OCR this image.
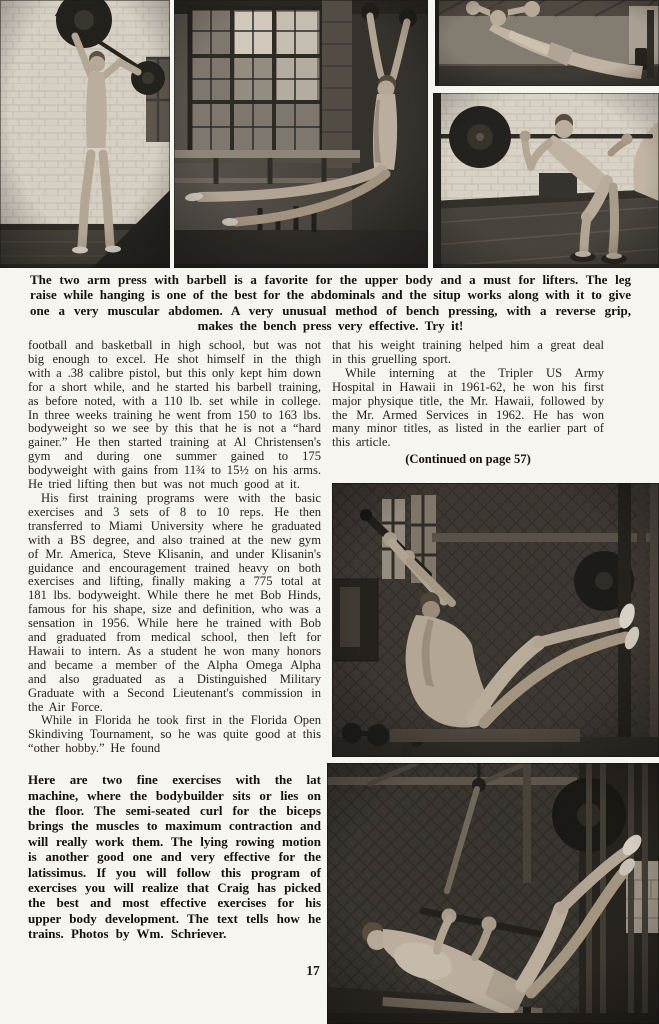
The two arm press with barbell is a favorite for the upper body and a must for lifters. The leg raise while hanging is one of the best for the abdominals and the situp works along with it to give one a very muscular abdomen. A very unusual method of bench pressing, with a reverse grip, makes the bench press very effective. Try it!

football and basketball in high school, but was not big enough to excel. He shot himself in the thigh with a .38 calibre pistol, but this only kept him down for a short while, and he started his barbell training, as before noted, with a 110 lb. set while in college. In three weeks training he went from 150 to 163 lbs. bodyweight so we see by this that he is not a “hard gainer.” He then started training at Al Christensen's gym and during one summer gained to 175 bodyweight with gains from 11¾ to 15½ on his arms. He tried lifting then but was not much good at it.

His first training programs were with the basic exercises and 3 sets of 8 to 10 reps. He then transferred to Miami University where he graduated with a BS degree, and also trained at the new gym of Mr. America, Steve Klisanin, and under Klisanin's guidance and encouragement trained heavy on both exercises and lifting, finally making a 775 total at 181 lbs. bodyweight. While there he met Bob Hinds, famous for his shape, size and definition, who was a sensation in 1956. While here he trained with Bob and graduated from medical school, then left for Hawaii to intern. As a student he won many honors and became a member of the Alpha Omega Alpha and also graduated as a Distinguished Military Graduate with a Second Lieutenant's commission in the Air Force.

While in Florida he took first in the Florida Open Skindiving Tournament, so he was quite good at this “other hobby.” He found

Here are two fine exercises with the lat machine, where the bodybuilder sits or lies on the floor. The semi-seated curl for the biceps brings the muscles to maximum contraction and will really work them. The lying rowing motion is another good one and very effective for the latissimus. If you will follow this program of exercises you will realize that Craig has picked the best and most effective exercises for his upper body development. The text tells how he trains. Photos by Wm. Schriever.

that his weight training helped him a great deal in this gruelling sport.

While interning at the Tripler US Army Hospital in Hawaii in 1961-62, he won his first major physique title, the Mr. Hawaii, followed by the Mr. Armed Services in 1962. He has won many minor titles, as listed in the earlier part of this article.

(Continued on page 57)

17
